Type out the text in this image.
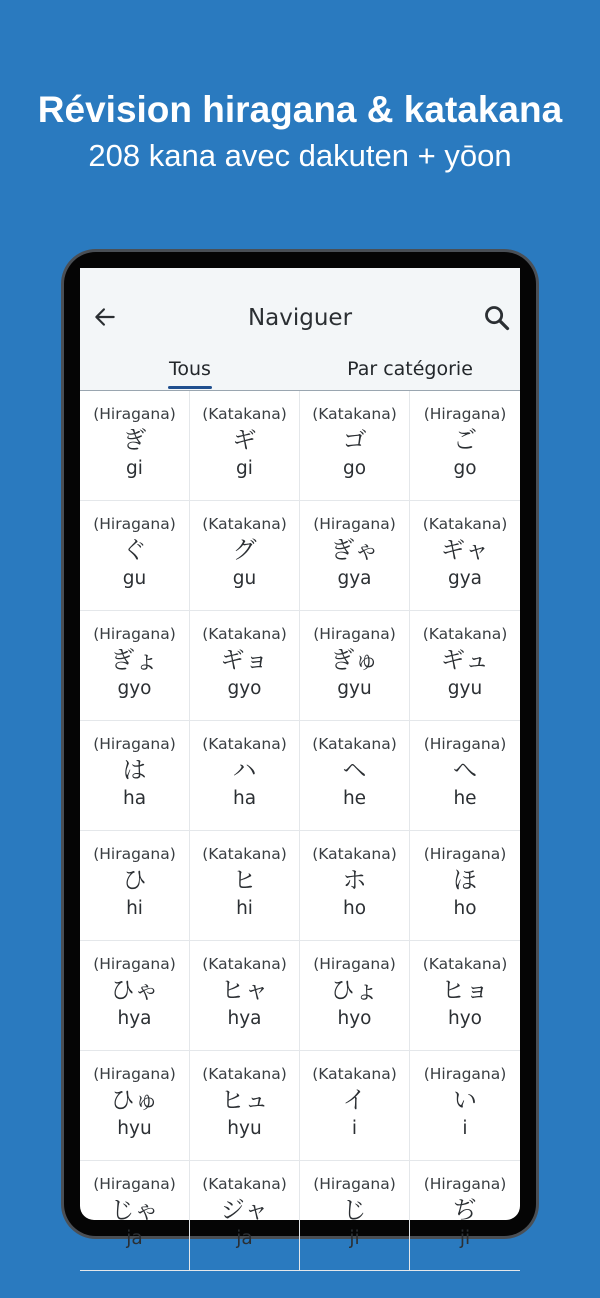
Révision hiragana & katakana

208 kana avec dakuten + yōon

Naviguer
Tous	Par catégorie
(Hiragana)
ぎ
gi
(Katakana)
ギ
gi
(Katakana)
ゴ
go
(Hiragana)
ご
go
(Hiragana)
ぐ
gu
(Katakana)
グ
gu
(Hiragana)
ぎゃ
gya
(Katakana)
ギャ
gya
(Hiragana)
ぎょ
gyo
(Katakana)
ギョ
gyo
(Hiragana)
ぎゅ
gyu
(Katakana)
ギュ
gyu
(Hiragana)
は
ha
(Katakana)
ハ
ha
(Katakana)
ヘ
he
(Hiragana)
へ
he
(Hiragana)
ひ
hi
(Katakana)
ヒ
hi
(Katakana)
ホ
ho
(Hiragana)
ほ
ho
(Hiragana)
ひゃ
hya
(Katakana)
ヒャ
hya
(Hiragana)
ひょ
hyo
(Katakana)
ヒョ
hyo
(Hiragana)
ひゅ
hyu
(Katakana)
ヒュ
hyu
(Katakana)
イ
i
(Hiragana)
い
i
(Hiragana)
じゃ
ja
(Katakana)
ジャ
ja
(Hiragana)
じ
ji
(Hiragana)
ぢ
ji
